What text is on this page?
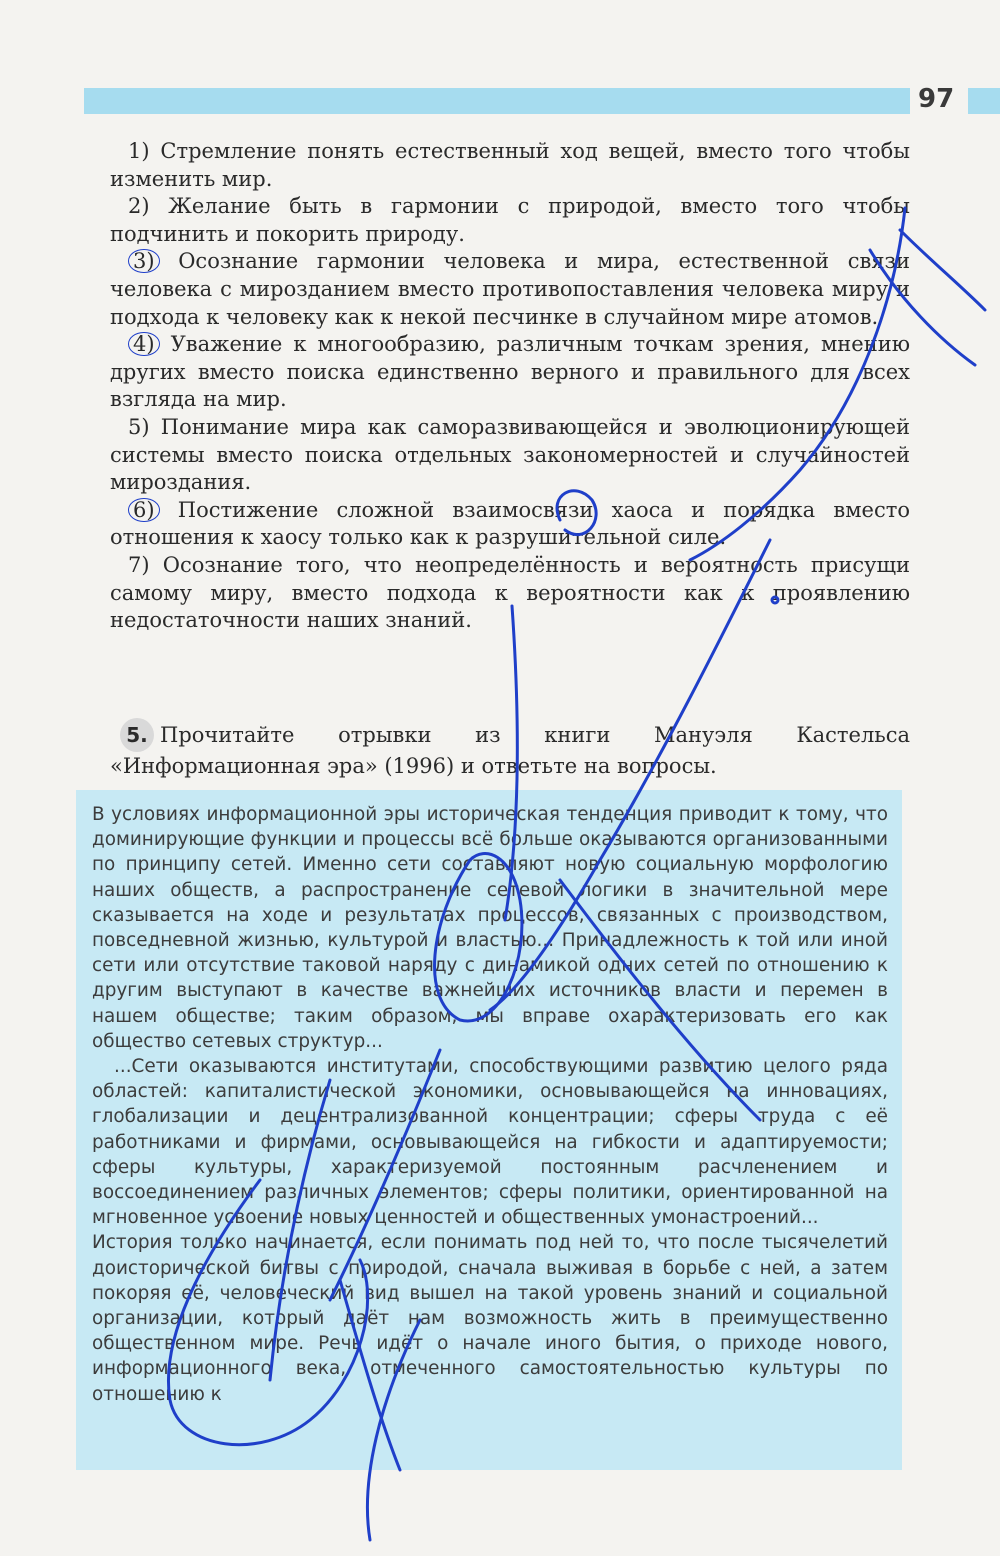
97

1) Стремление понять естественный ход вещей, вместо того чтобы изменить мир.

2) Желание быть в гармонии с природой, вместо того чтобы подчинить и покорить природу.

3) Осознание гармонии человека и мира, естественной связи человека с мирозданием вместо противопоставления человека миру и подхода к человеку как к некой песчинке в случайном мире атомов.

4) Уважение к многообразию, различным точкам зрения, мнению других вместо поиска единственно верного и правильного для всех взгляда на мир.

5) Понимание мира как саморазвивающейся и эволюционирующей системы вместо поиска отдельных закономерностей и случайностей мироздания.

6) Постижение сложной взаимосвязи хаоса и порядка вместо отношения к хаосу только как к разрушительной силе.

7) Осознание того, что неопределённость и вероятность присущи самому миру, вместо подхода к вероятности как к проявлению недостаточности наших знаний.

5. Прочитайте отрывки из книги Мануэля Кастельса «Информационная эра» (1996) и ответьте на вопросы.

В условиях информационной эры историческая тенденция приводит к тому, что доминирующие функции и процессы всё больше оказываются организованными по принципу сетей. Именно сети составляют новую социальную морфологию наших обществ, а распространение сетевой логики в значительной мере сказывается на ходе и результатах процессов, связанных с производством, повседневной жизнью, культурой и властью... Принадлежность к той или иной сети или отсутствие таковой наряду с динамикой одних сетей по отношению к другим выступают в качестве важнейших источников власти и перемен в нашем обществе; таким образом, мы вправе охарактеризовать его как общество сетевых структур...

...Сети оказываются институтами, способствующими развитию целого ряда областей: капиталистической экономики, основывающейся на инновациях, глобализации и децентрализованной концентрации; сферы труда с её работниками и фирмами, основывающейся на гибкости и адаптируемости; сферы культуры, характеризуемой постоянным расчленением и воссоединением различных элементов; сферы политики, ориентированной на мгновенное усвоение новых ценностей и общественных умонастроений...

История только начинается, если понимать под ней то, что после тысячелетий доисторической битвы с природой, сначала выживая в борьбе с ней, а затем покоряя её, человеческий вид вышел на такой уровень знаний и социальной организации, который даёт нам возможность жить в преимущественно общественном мире. Речь идёт о начале иного бытия, о приходе нового, информационного века, отмеченного самостоятельностью культуры по отношению к
